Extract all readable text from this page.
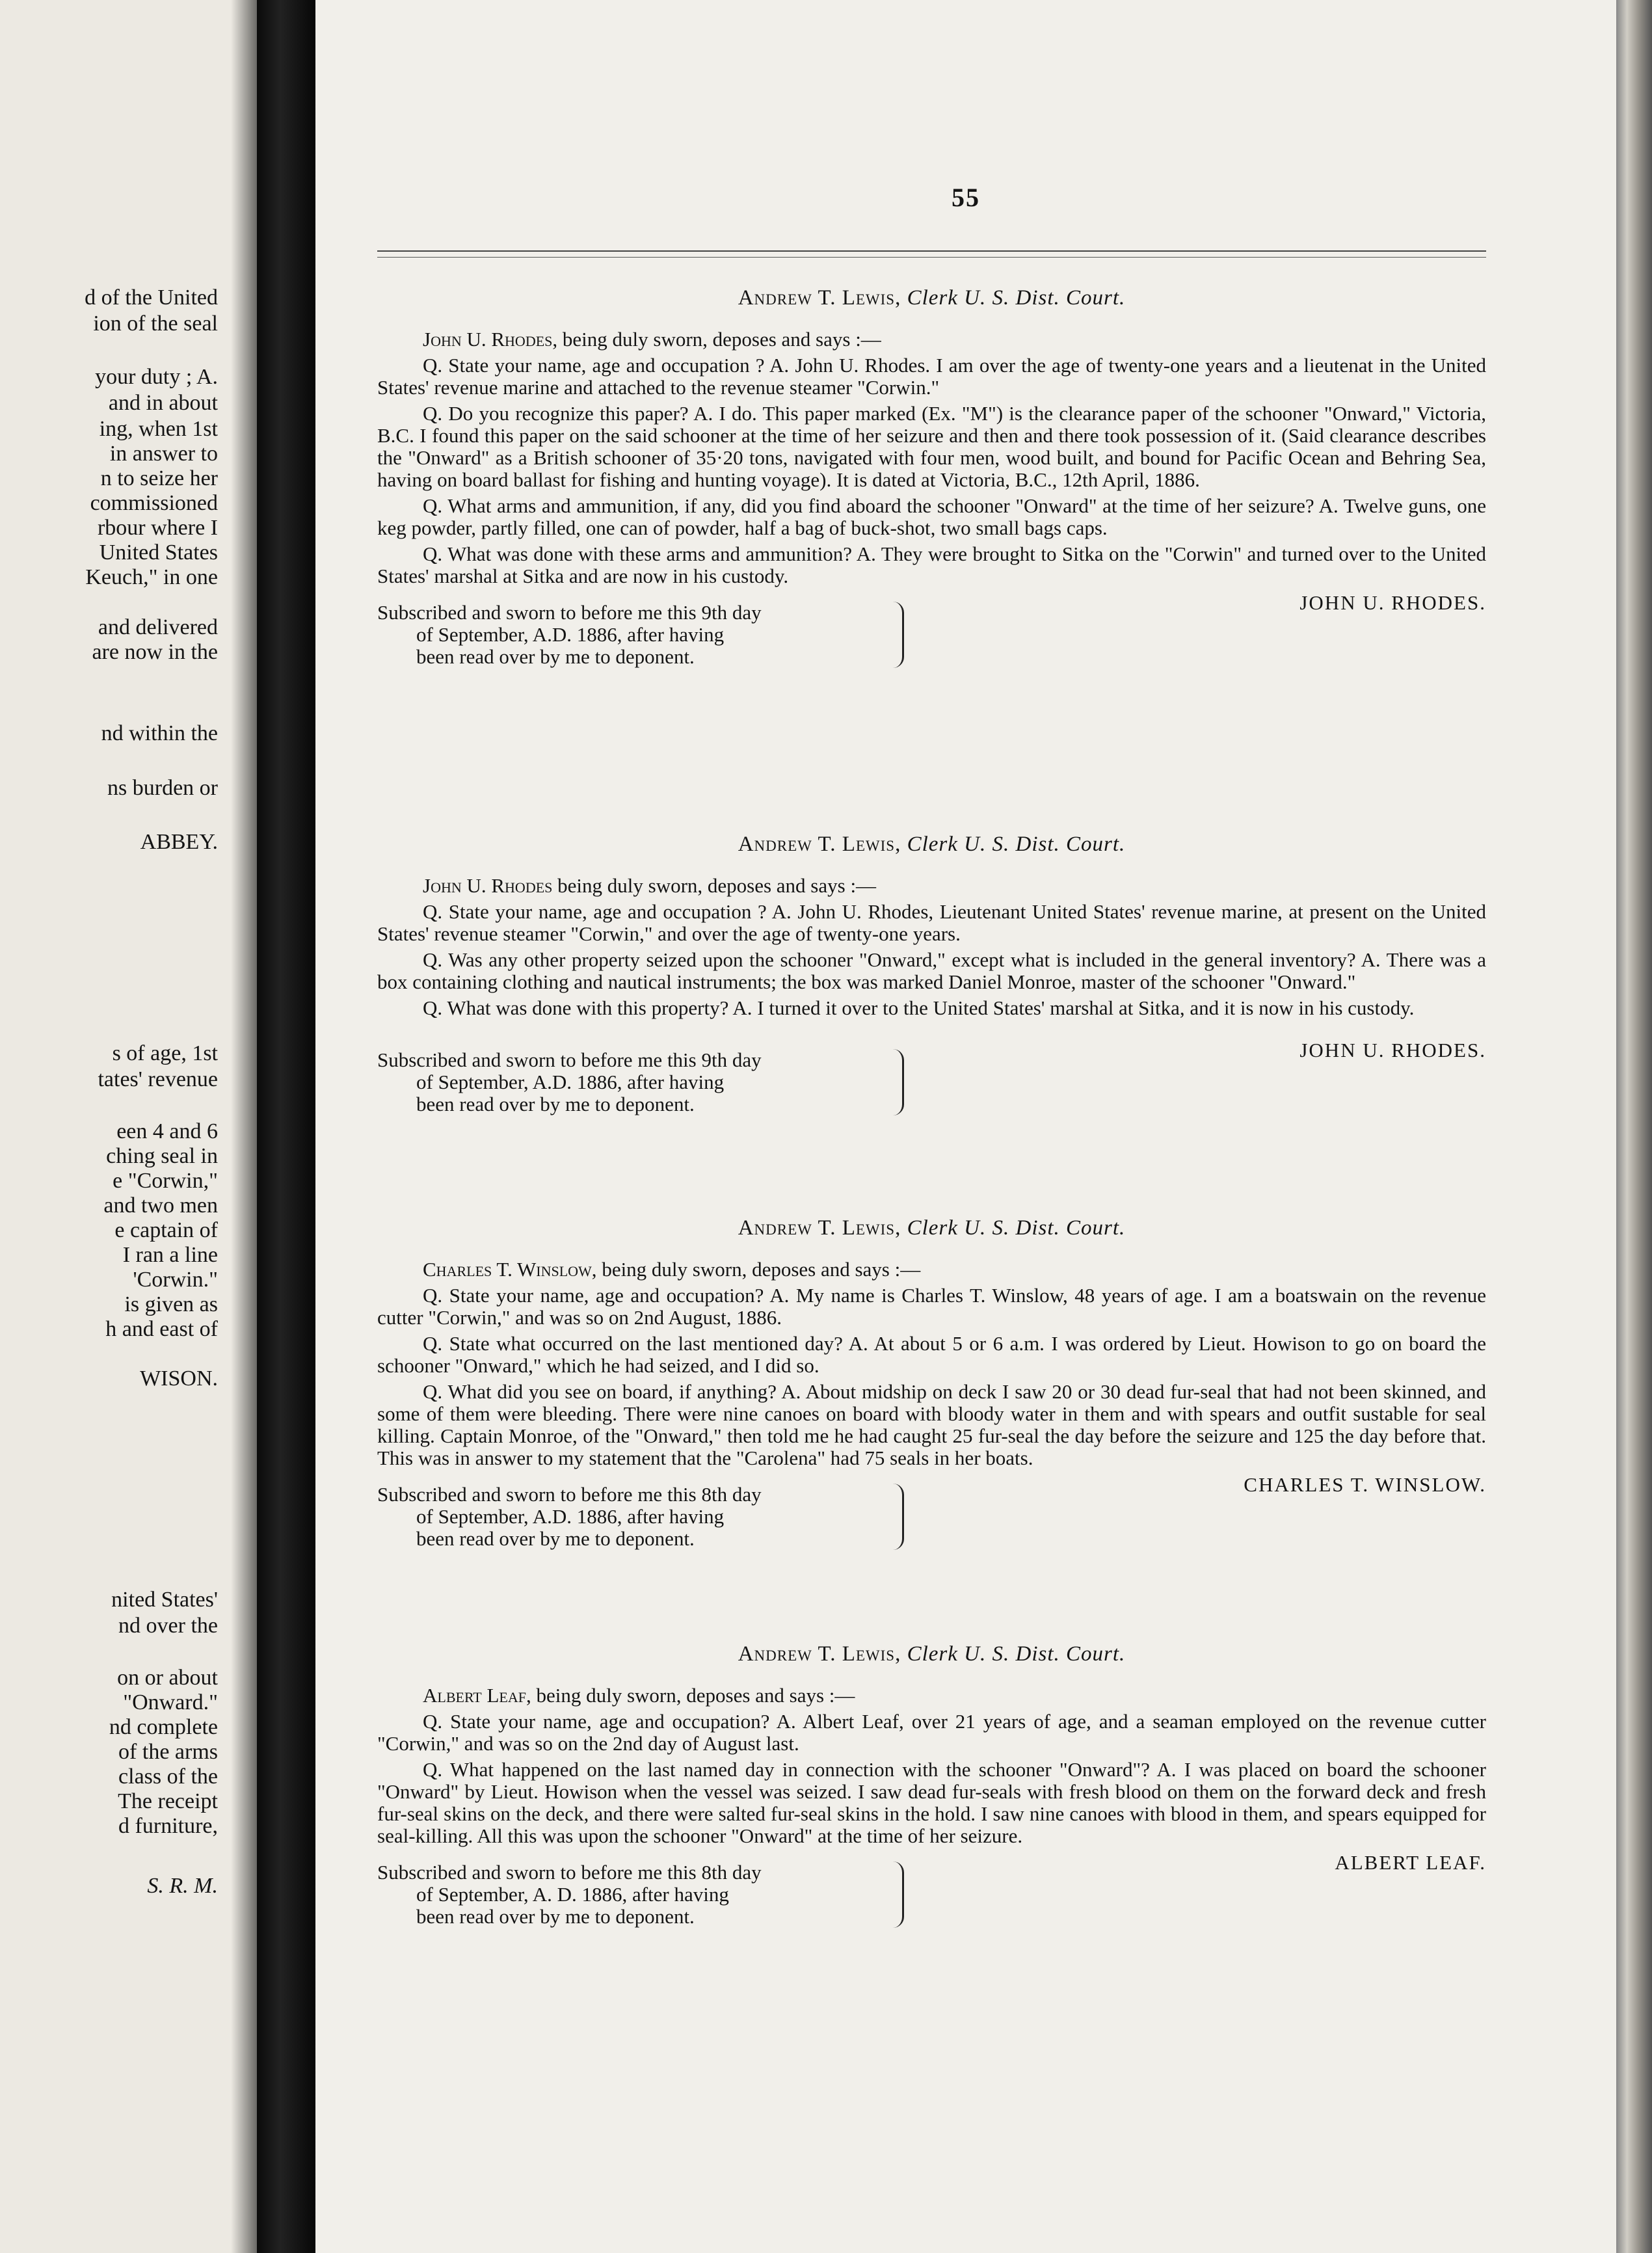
d of the United
ion of the seal
your duty ; A.
and in about
ing, when 1st
in answer to
n to seize her
commissioned
rbour where I
United States
Keuch," in one
and delivered
are now in the
nd within the
ns burden or
ABBEY.
s of age, 1st
tates' revenue
een 4 and 6
ching seal in
e "Corwin,"
and two men
e captain of
I ran a line
'Corwin."
is given as
h and east of
WISON.
nited States'
nd over the
on or about
"Onward."
nd complete
of the arms
class of the
The receipt
d furniture,
S. R. M.
55
Andrew T. Lewis, Clerk U. S. Dist. Court.
John U. Rhodes, being duly sworn, deposes and says :—
Q. State your name, age and occupation ? A. John U. Rhodes. I am over the age of twenty-one years and a lieutenat in the United States' revenue marine and attached to the revenue steamer "Corwin."
Q. Do you recognize this paper? A. I do. This paper marked (Ex. "M") is the clearance paper of the schooner "Onward," Victoria, B.C. I found this paper on the said schooner at the time of her seizure and then and there took possession of it. (Said clearance describes the "Onward" as a British schooner of 35·20 tons, navigated with four men, wood built, and bound for Pacific Ocean and Behring Sea, having on board ballast for fishing and hunting voyage). It is dated at Victoria, B.C., 12th April, 1886.
Q. What arms and ammunition, if any, did you find aboard the schooner "Onward" at the time of her seizure? A. Twelve guns, one keg powder, partly filled, one can of powder, half a bag of buck-shot, two small bags caps.
Q. What was done with these arms and ammunition? A. They were brought to Sitka on the "Corwin" and turned over to the United States' marshal at Sitka and are now in his custody.
JOHN U. RHODES.
Subscribed and sworn to before me this 9th day
of September, A.D. 1886, after having
been read over by me to deponent.
Andrew T. Lewis, Clerk U. S. Dist. Court.
John U. Rhodes being duly sworn, deposes and says :—
Q. State your name, age and occupation ? A. John U. Rhodes, Lieutenant United States' revenue marine, at present on the United States' revenue steamer "Corwin," and over the age of twenty-one years.
Q. Was any other property seized upon the schooner "Onward," except what is included in the general inventory? A. There was a box containing clothing and nautical instruments; the box was marked Daniel Monroe, master of the schooner "Onward."
Q. What was done with this property? A. I turned it over to the United States' marshal at Sitka, and it is now in his custody.
JOHN U. RHODES.
Subscribed and sworn to before me this 9th day
of September, A.D. 1886, after having
been read over by me to deponent.
Andrew T. Lewis, Clerk U. S. Dist. Court.
Charles T. Winslow, being duly sworn, deposes and says :—
Q. State your name, age and occupation? A. My name is Charles T. Winslow, 48 years of age. I am a boatswain on the revenue cutter "Corwin," and was so on 2nd August, 1886.
Q. State what occurred on the last mentioned day? A. At about 5 or 6 a.m. I was ordered by Lieut. Howison to go on board the schooner "Onward," which he had seized, and I did so.
Q. What did you see on board, if anything? A. About midship on deck I saw 20 or 30 dead fur-seal that had not been skinned, and some of them were bleeding. There were nine canoes on board with bloody water in them and with spears and outfit sustable for seal killing. Captain Monroe, of the "Onward," then told me he had caught 25 fur-seal the day before the seizure and 125 the day before that. This was in answer to my statement that the "Carolena" had 75 seals in her boats.
CHARLES T. WINSLOW.
Subscribed and sworn to before me this 8th day
of September, A.D. 1886, after having
been read over by me to deponent.
Andrew T. Lewis, Clerk U. S. Dist. Court.
Albert Leaf, being duly sworn, deposes and says :—
Q. State your name, age and occupation? A. Albert Leaf, over 21 years of age, and a seaman employed on the revenue cutter "Corwin," and was so on the 2nd day of August last.
Q. What happened on the last named day in connection with the schooner "Onward"? A. I was placed on board the schooner "Onward" by Lieut. Howison when the vessel was seized. I saw dead fur-seals with fresh blood on them on the forward deck and fresh fur-seal skins on the deck, and there were salted fur-seal skins in the hold. I saw nine canoes with blood in them, and spears equipped for seal-killing. All this was upon the schooner "Onward" at the time of her seizure.
ALBERT LEAF.
Subscribed and sworn to before me this 8th day
of September, A. D. 1886, after having
been read over by me to deponent.
